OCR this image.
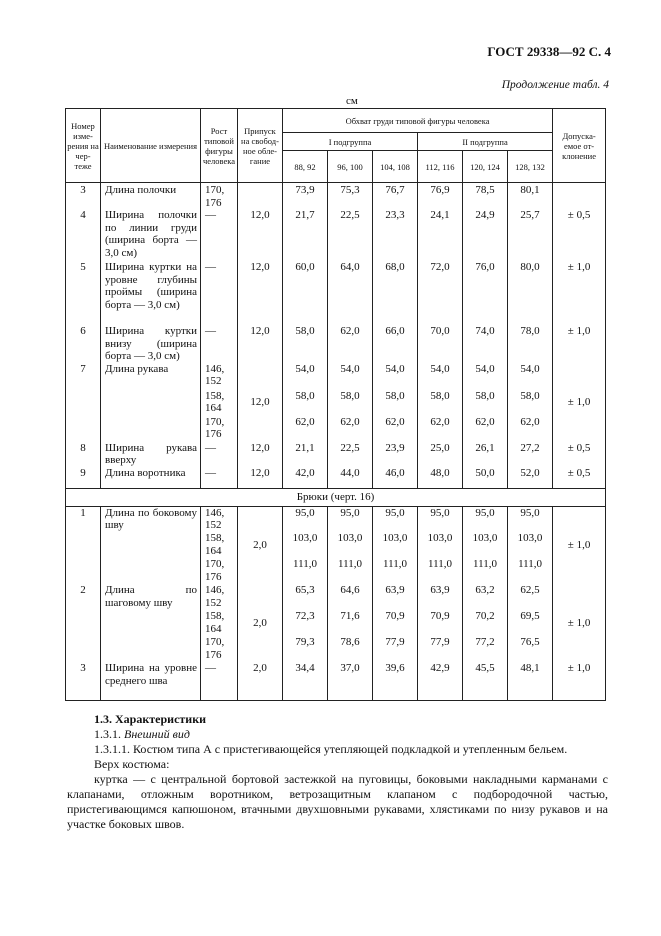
ГОСТ 29338—92 С. 4
Продолжение табл. 4
см
Номер изме-рения на чер-теже	Наименование измерения	Рост типовой фигуры человека	Припуск на свобод-ное обле-гание	Обхват груди типовой фигуры человека						Допуска-емое от-клонение
				I подгруппа			II подгруппа			
				88, 92	96, 100	104, 108	112, 116	120, 124	128, 132	
3	Длина полочки	170, 176		73,9	75,3	76,7	76,9	78,5	80,1	
4	Ширина полочки по линии груди (ширина борта — 3,0 см)	—	12,0	21,7	22,5	23,3	24,1	24,9	25,7	± 0,5
5	Ширина куртки на уровне глубины проймы (ширина борта — 3,0 см)	—	12,0	60,0	64,0	68,0	72,0	76,0	80,0	± 1,0
6	Ширина куртки внизу (ширина борта — 3,0 см)	—	12,0	58,0	62,0	66,0	70,0	74,0	78,0	± 1,0
7	Длина рукава	146, 152	12,0	54,0	54,0	54,0	54,0	54,0	54,0	± 1,0
		158, 164		58,0	58,0	58,0	58,0	58,0	58,0	
		170, 176		62,0	62,0	62,0	62,0	62,0	62,0	
8	Ширина рукава вверху	—	12,0	21,1	22,5	23,9	25,0	26,1	27,2	± 0,5
9	Длина воротника	—	12,0	42,0	44,0	46,0	48,0	50,0	52,0	± 0,5
Брюки (черт. 16)										
1	Длина по боковому шву	146, 152	2,0	95,0	95,0	95,0	95,0	95,0	95,0	± 1,0
		158, 164		103,0	103,0	103,0	103,0	103,0	103,0	
		170, 176		111,0	111,0	111,0	111,0	111,0	111,0	
2	Длина по шаговому шву	146, 152	2,0	65,3	64,6	63,9	63,9	63,2	62,5	± 1,0
		158, 164		72,3	71,6	70,9	70,9	70,2	69,5	
		170, 176		79,3	78,6	77,9	77,9	77,2	76,5	
3	Ширина на уровне среднего шва	—	2,0	34,4	37,0	39,6	42,9	45,5	48,1	± 1,0

1.3. Характеристики

1.3.1. Внешний вид

1.3.1.1. Костюм типа А с пристегивающейся утепляющей подкладкой и утепленным бельем.

Верх костюма:

куртка — с центральной бортовой застежкой на пуговицы, боковыми накладными карманами с клапанами, отложным воротником, ветрозащитным клапаном с подбородочной частью, пристегивающимся капюшоном, втачными двухшовными рукавами, хлястиками по низу рукавов и на участке боковых швов.
